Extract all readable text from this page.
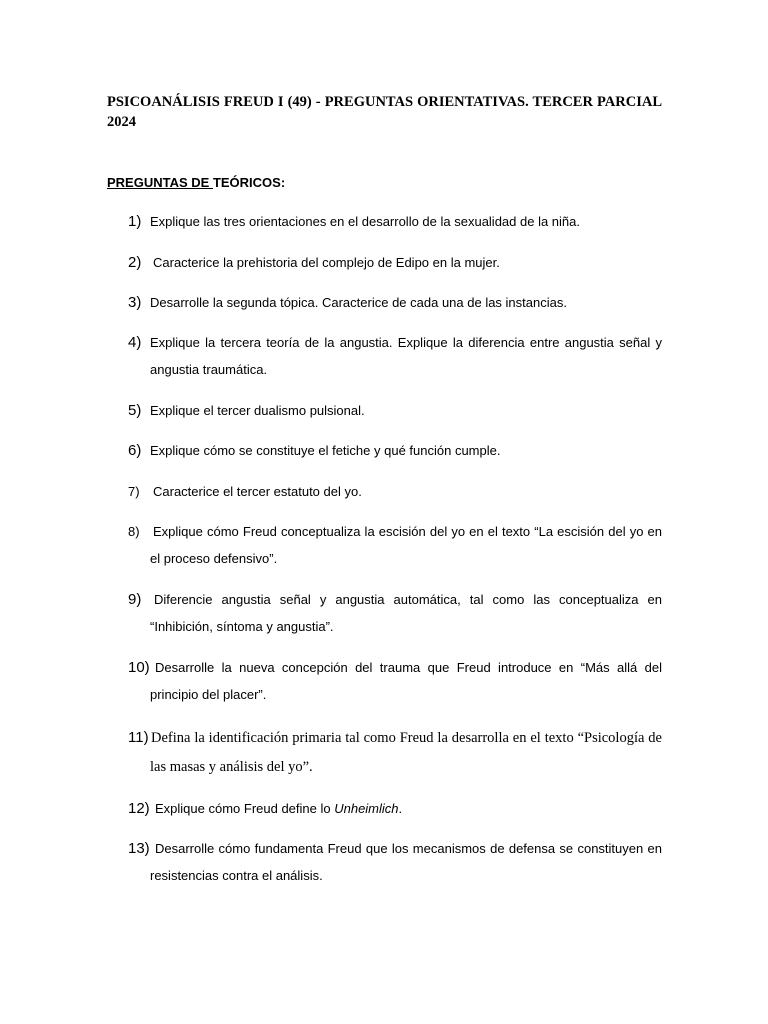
PSICOANÁLISIS FREUD I (49) - PREGUNTAS ORIENTATIVAS. TERCER PARCIAL 2024
PREGUNTAS DE TEÓRICOS:
1) Explique las tres orientaciones en el desarrollo de la sexualidad de la niña.
2) Caracterice la prehistoria del complejo de Edipo en la mujer.
3) Desarrolle la segunda tópica. Caracterice de cada una de las instancias.
4) Explique la tercera teoría de la angustia. Explique la diferencia entre angustia señal y angustia traumática.
5) Explique el tercer dualismo pulsional.
6) Explique cómo se constituye el fetiche y qué función cumple.
7)	Caracterice el tercer estatuto del yo.
8)	Explique cómo Freud conceptualiza la escisión del yo en el texto “La escisión del yo en el proceso defensivo”.
9) Diferencie angustia señal y angustia automática, tal como las conceptualiza en “Inhibición, síntoma y angustia”.
10) Desarrolle la nueva concepción del trauma que Freud introduce en “Más allá del principio del placer”.
11) Defina la identificación primaria tal como Freud la desarrolla en el texto “Psicología de las masas y análisis del yo”.
12) Explique cómo Freud define lo Unheimlich.
13) Desarrolle cómo fundamenta Freud que los mecanismos de defensa se constituyen en resistencias contra el análisis.
